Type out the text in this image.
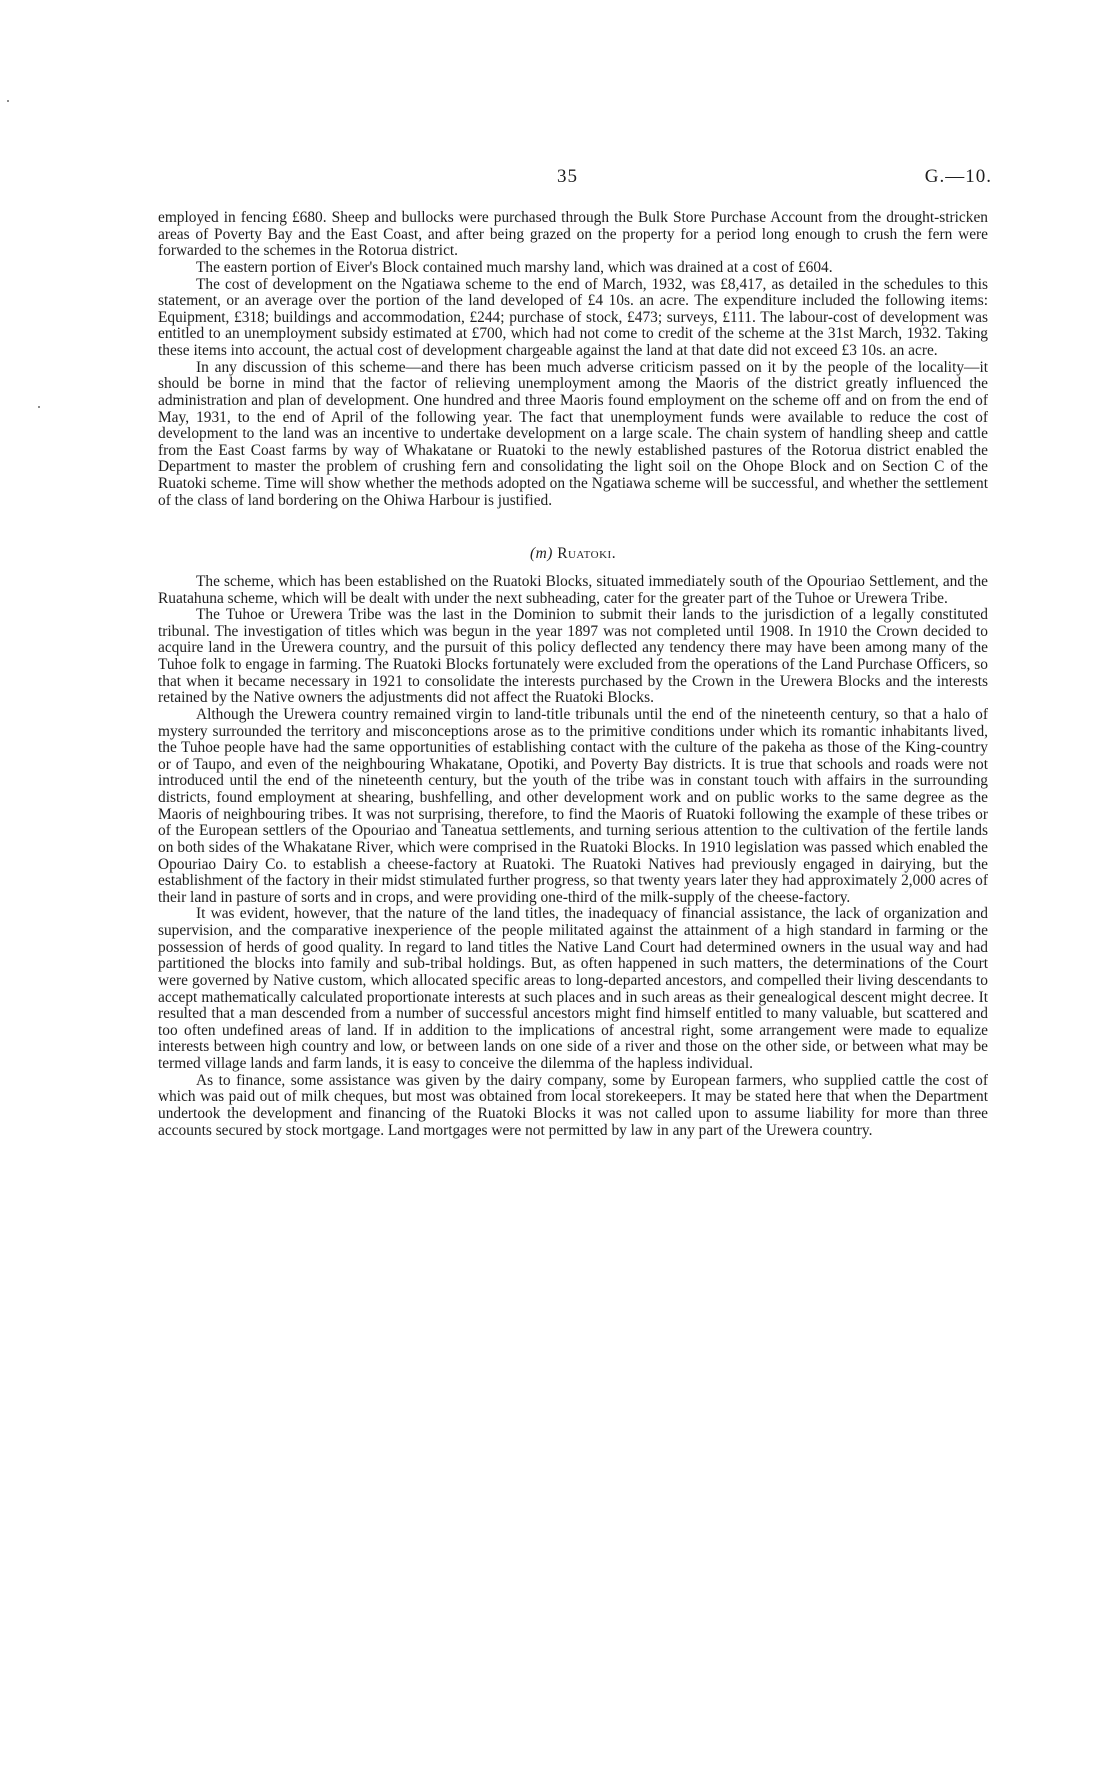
35	G.—10.

employed in fencing £680. Sheep and bullocks were purchased through the Bulk Store Purchase Account from the drought-stricken areas of Poverty Bay and the East Coast, and after being grazed on the property for a period long enough to crush the fern were forwarded to the schemes in the Rotorua district.

The eastern portion of Eiver's Block contained much marshy land, which was drained at a cost of £604.

The cost of development on the Ngatiawa scheme to the end of March, 1932, was £8,417, as detailed in the schedules to this statement, or an average over the portion of the land developed of £4 10s. an acre. The expenditure included the following items: Equipment, £318; buildings and accommodation, £244; purchase of stock, £473; surveys, £111. The labour-cost of development was entitled to an unemployment subsidy estimated at £700, which had not come to credit of the scheme at the 31st March, 1932. Taking these items into account, the actual cost of development chargeable against the land at that date did not exceed £3 10s. an acre.

In any discussion of this scheme—and there has been much adverse criticism passed on it by the people of the locality—it should be borne in mind that the factor of relieving unemployment among the Maoris of the district greatly influenced the administration and plan of development. One hundred and three Maoris found employment on the scheme off and on from the end of May, 1931, to the end of April of the following year. The fact that unemployment funds were available to reduce the cost of development to the land was an incentive to undertake development on a large scale. The chain system of handling sheep and cattle from the East Coast farms by way of Whakatane or Ruatoki to the newly established pastures of the Rotorua district enabled the Department to master the problem of crushing fern and consolidating the light soil on the Ohope Block and on Section C of the Ruatoki scheme. Time will show whether the methods adopted on the Ngatiawa scheme will be successful, and whether the settlement of the class of land bordering on the Ohiwa Harbour is justified.

(m) Ruatoki.

The scheme, which has been established on the Ruatoki Blocks, situated immediately south of the Opouriao Settlement, and the Ruatahuna scheme, which will be dealt with under the next subheading, cater for the greater part of the Tuhoe or Urewera Tribe.

The Tuhoe or Urewera Tribe was the last in the Dominion to submit their lands to the jurisdiction of a legally constituted tribunal. The investigation of titles which was begun in the year 1897 was not completed until 1908. In 1910 the Crown decided to acquire land in the Urewera country, and the pursuit of this policy deflected any tendency there may have been among many of the Tuhoe folk to engage in farming. The Ruatoki Blocks fortunately were excluded from the operations of the Land Purchase Officers, so that when it became necessary in 1921 to consolidate the interests purchased by the Crown in the Urewera Blocks and the interests retained by the Native owners the adjustments did not affect the Ruatoki Blocks.

Although the Urewera country remained virgin to land-title tribunals until the end of the nineteenth century, so that a halo of mystery surrounded the territory and misconceptions arose as to the primitive conditions under which its romantic inhabitants lived, the Tuhoe people have had the same opportunities of establishing contact with the culture of the pakeha as those of the King-country or of Taupo, and even of the neighbouring Whakatane, Opotiki, and Poverty Bay districts. It is true that schools and roads were not introduced until the end of the nineteenth century, but the youth of the tribe was in constant touch with affairs in the surrounding districts, found employment at shearing, bushfelling, and other development work and on public works to the same degree as the Maoris of neighbouring tribes. It was not surprising, therefore, to find the Maoris of Ruatoki following the example of these tribes or of the European settlers of the Opouriao and Taneatua settlements, and turning serious attention to the cultivation of the fertile lands on both sides of the Whakatane River, which were comprised in the Ruatoki Blocks. In 1910 legislation was passed which enabled the Opouriao Dairy Co. to establish a cheese-factory at Ruatoki. The Ruatoki Natives had previously engaged in dairying, but the establishment of the factory in their midst stimulated further progress, so that twenty years later they had approximately 2,000 acres of their land in pasture of sorts and in crops, and were providing one-third of the milk-supply of the cheese-factory.

It was evident, however, that the nature of the land titles, the inadequacy of financial assistance, the lack of organization and supervision, and the comparative inexperience of the people militated against the attainment of a high standard in farming or the possession of herds of good quality. In regard to land titles the Native Land Court had determined owners in the usual way and had partitioned the blocks into family and sub-tribal holdings. But, as often happened in such matters, the determinations of the Court were governed by Native custom, which allocated specific areas to long-departed ancestors, and compelled their living descendants to accept mathematically calculated proportionate interests at such places and in such areas as their genealogical descent might decree. It resulted that a man descended from a number of successful ancestors might find himself entitled to many valuable, but scattered and too often undefined areas of land. If in addition to the implications of ancestral right, some arrangement were made to equalize interests between high country and low, or between lands on one side of a river and those on the other side, or between what may be termed village lands and farm lands, it is easy to conceive the dilemma of the hapless individual.

As to finance, some assistance was given by the dairy company, some by European farmers, who supplied cattle the cost of which was paid out of milk cheques, but most was obtained from local storekeepers. It may be stated here that when the Department undertook the development and financing of the Ruatoki Blocks it was not called upon to assume liability for more than three accounts secured by stock mortgage. Land mortgages were not permitted by law in any part of the Urewera country.
